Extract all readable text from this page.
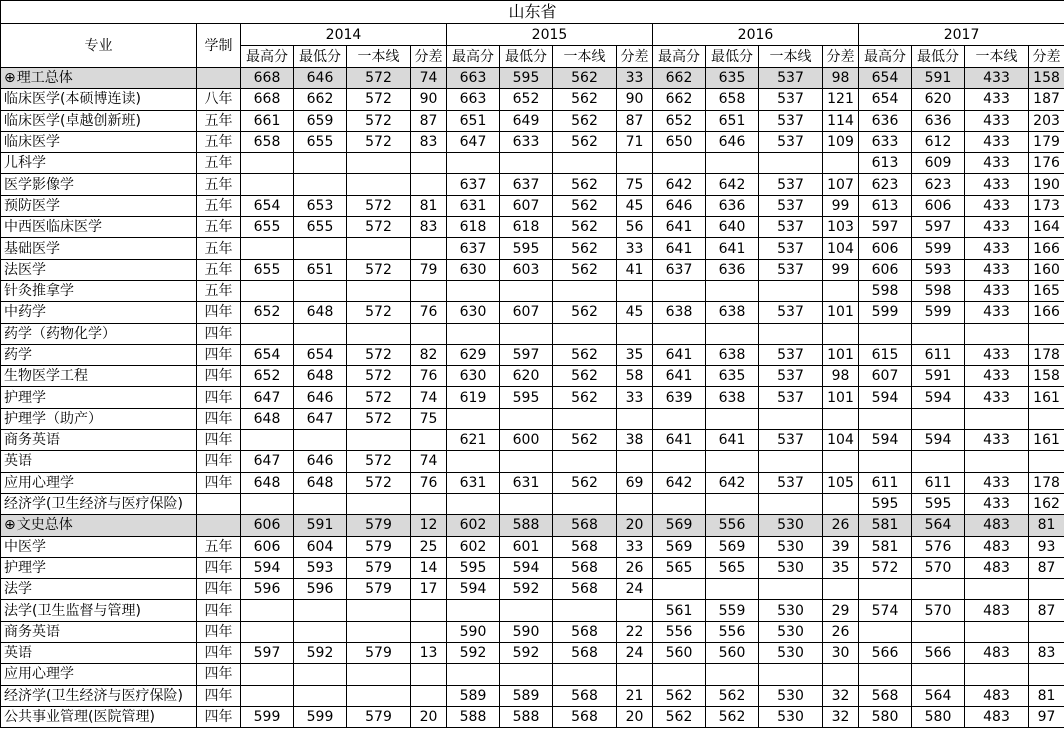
山东省																	
专业	学制	2014				2015				2016				2017			
		最高分	最低分	一本线	分差	最高分	最低分	一本线	分差	最高分	最低分	一本线	分差	最高分	最低分	一本线	分差
⊕理工总体		668	646	572	74	663	595	562	33	662	635	537	98	654	591	433	158
临床医学(本硕博连读)	八年	668	662	572	90	663	652	562	90	662	658	537	121	654	620	433	187
临床医学(卓越创新班)	五年	661	659	572	87	651	649	562	87	652	651	537	114	636	636	433	203
临床医学	五年	658	655	572	83	647	633	562	71	650	646	537	109	633	612	433	179
儿科学	五年													613	609	433	176
医学影像学	五年					637	637	562	75	642	642	537	107	623	623	433	190
预防医学	五年	654	653	572	81	631	607	562	45	646	636	537	99	613	606	433	173
中西医临床医学	五年	655	655	572	83	618	618	562	56	641	640	537	103	597	597	433	164
基础医学	五年					637	595	562	33	641	641	537	104	606	599	433	166
法医学	五年	655	651	572	79	630	603	562	41	637	636	537	99	606	593	433	160
针灸推拿学	五年													598	598	433	165
中药学	四年	652	648	572	76	630	607	562	45	638	638	537	101	599	599	433	166
药学（药物化学）	四年																
药学	四年	654	654	572	82	629	597	562	35	641	638	537	101	615	611	433	178
生物医学工程	四年	652	648	572	76	630	620	562	58	641	635	537	98	607	591	433	158
护理学	四年	647	646	572	74	619	595	562	33	639	638	537	101	594	594	433	161
护理学（助产）	四年	648	647	572	75												
商务英语	四年					621	600	562	38	641	641	537	104	594	594	433	161
英语	四年	647	646	572	74												
应用心理学	四年	648	648	572	76	631	631	562	69	642	642	537	105	611	611	433	178
经济学(卫生经济与医疗保险)														595	595	433	162
⊕文史总体		606	591	579	12	602	588	568	20	569	556	530	26	581	564	483	81
中医学	五年	606	604	579	25	602	601	568	33	569	569	530	39	581	576	483	93
护理学	四年	594	593	579	14	595	594	568	26	565	565	530	35	572	570	483	87
法学	四年	596	596	579	17	594	592	568	24								
法学(卫生监督与管理)	四年									561	559	530	29	574	570	483	87
商务英语	四年					590	590	568	22	556	556	530	26				
英语	四年	597	592	579	13	592	592	568	24	560	560	530	30	566	566	483	83
应用心理学	四年																
经济学(卫生经济与医疗保险)	四年					589	589	568	21	562	562	530	32	568	564	483	81
公共事业管理(医院管理)	四年	599	599	579	20	588	588	568	20	562	562	530	32	580	580	483	97
